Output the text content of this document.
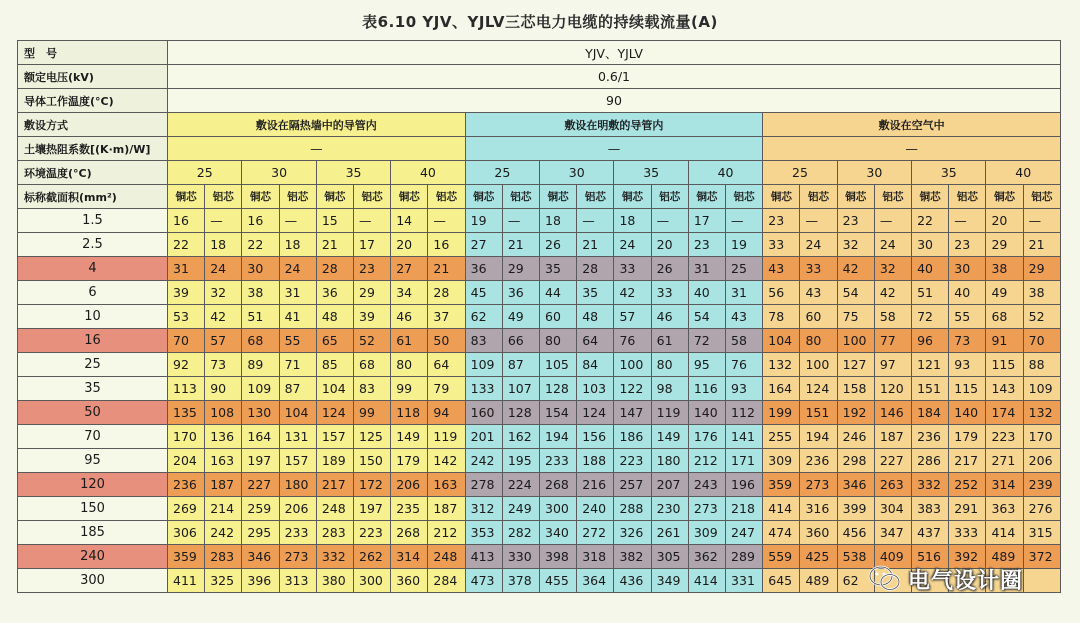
表6.10 YJV、YJLV三芯电力电缆的持续载流量(A)
型　号	YJV、YJLV																							
额定电压(kV)	0.6/1																							
导体工作温度(°C)	90																							
敷设方式	敷设在隔热墙中的导管内								敷设在明敷的导管内								敷设在空气中							
土壤热阻系数[(K·m)/W]	—								—								—							
环境温度(°C)	25		30		35		40		25		30		35		40		25		30		35		40	
标称截面积(mm²)	铜芯	铝芯	铜芯	铝芯	铜芯	铝芯	铜芯	铝芯	铜芯	铝芯	铜芯	铝芯	铜芯	铝芯	铜芯	铝芯	铜芯	铝芯	铜芯	铝芯	铜芯	铝芯	铜芯	铝芯
1.5	16	—	16	—	15	—	14	—	19	—	18	—	18	—	17	—	23	—	23	—	22	—	20	—
2.5	22	18	22	18	21	17	20	16	27	21	26	21	24	20	23	19	33	24	32	24	30	23	29	21
4	31	24	30	24	28	23	27	21	36	29	35	28	33	26	31	25	43	33	42	32	40	30	38	29
6	39	32	38	31	36	29	34	28	45	36	44	35	42	33	40	31	56	43	54	42	51	40	49	38
10	53	42	51	41	48	39	46	37	62	49	60	48	57	46	54	43	78	60	75	58	72	55	68	52
16	70	57	68	55	65	52	61	50	83	66	80	64	76	61	72	58	104	80	100	77	96	73	91	70
25	92	73	89	71	85	68	80	64	109	87	105	84	100	80	95	76	132	100	127	97	121	93	115	88
35	113	90	109	87	104	83	99	79	133	107	128	103	122	98	116	93	164	124	158	120	151	115	143	109
50	135	108	130	104	124	99	118	94	160	128	154	124	147	119	140	112	199	151	192	146	184	140	174	132
70	170	136	164	131	157	125	149	119	201	162	194	156	186	149	176	141	255	194	246	187	236	179	223	170
95	204	163	197	157	189	150	179	142	242	195	233	188	223	180	212	171	309	236	298	227	286	217	271	206
120	236	187	227	180	217	172	206	163	278	224	268	216	257	207	243	196	359	273	346	263	332	252	314	239
150	269	214	259	206	248	197	235	187	312	249	300	240	288	230	273	218	414	316	399	304	383	291	363	276
185	306	242	295	233	283	223	268	212	353	282	340	272	326	261	309	247	474	360	456	347	437	333	414	315
240	359	283	346	273	332	262	314	248	413	330	398	318	382	305	362	289	559	425	538	409	516	392	489	372
300	411	325	396	313	380	300	360	284	473	378	455	364	436	349	414	331	645	489	62					电气设计圈
